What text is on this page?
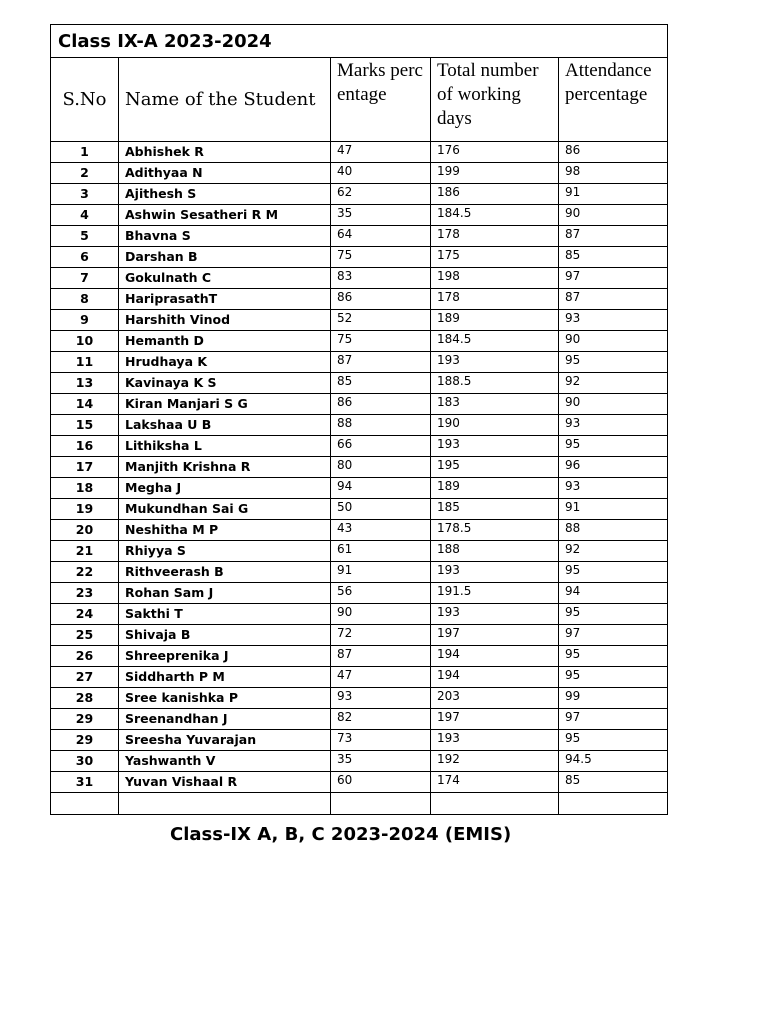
Class IX-A 2023-2024				
S.No	Name of the Student	Marks percentage	Total number of working days	Attendance percentage
1	Abhishek R	47	176	86
2	Adithyaa N	40	199	98
3	Ajithesh S	62	186	91
4	Ashwin Sesatheri R M	35	184.5	90
5	Bhavna S	64	178	87
6	Darshan B	75	175	85
7	Gokulnath C	83	198	97
8	HariprasathT	86	178	87
9	Harshith Vinod	52	189	93
10	Hemanth D	75	184.5	90
11	Hrudhaya K	87	193	95
13	Kavinaya K S	85	188.5	92
14	Kiran Manjari S G	86	183	90
15	Lakshaa U B	88	190	93
16	Lithiksha L	66	193	95
17	Manjith Krishna R	80	195	96
18	Megha J	94	189	93
19	Mukundhan Sai G	50	185	91
20	Neshitha M P	43	178.5	88
21	Rhiyya S	61	188	92
22	Rithveerash B	91	193	95
23	Rohan Sam J	56	191.5	94
24	Sakthi T	90	193	95
25	Shivaja B	72	197	97
26	Shreeprenika J	87	194	95
27	Siddharth P M	47	194	95
28	Sree kanishka P	93	203	99
29	Sreenandhan J	82	197	97
29	Sreesha Yuvarajan	73	193	95
30	Yashwanth V	35	192	94.5
31	Yuvan Vishaal R	60	174	85

Class-IX A, B, C 2023-2024 (EMIS)
